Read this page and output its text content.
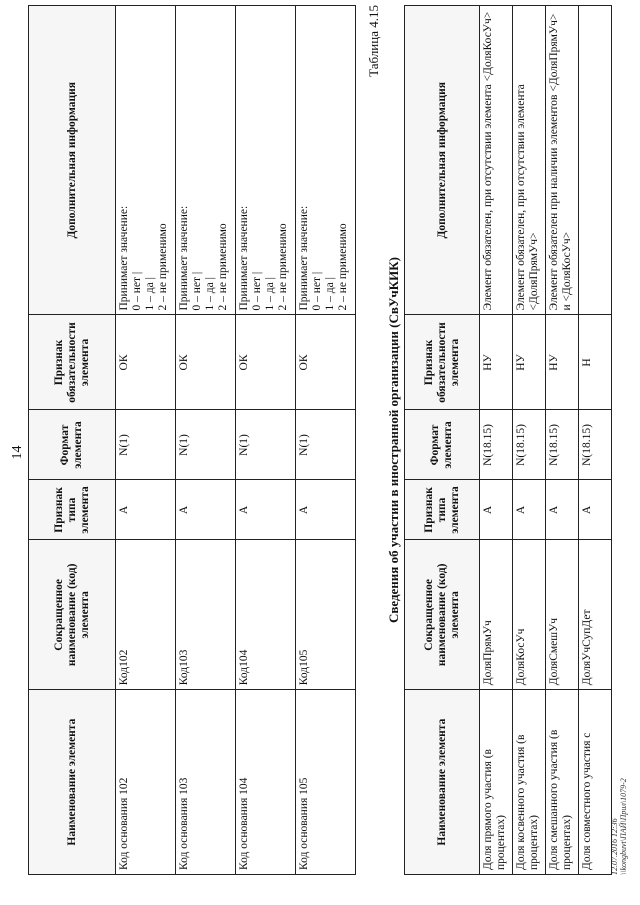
14
Наименование элемента	Сокращенное наименование (код) элемента	Признак типа элемента	Формат элемента	Признак обязательности элемента	Дополнительная информация
Код основания 102	Код102	А	N(1)	ОК	Принимает значение: 0 – нет | 1 – да | 2 – не применимо

Код основания 103	Код103	А	N(1)	ОК	Принимает значение: 0 – нет | 1 – да | 2 – не применимо

Код основания 104	Код104	А	N(1)	ОК	Принимает значение: 0 – нет | 1 – да | 2 – не применимо

Код основания 105	Код105	А	N(1)	ОК	Принимает значение: 0 – нет | 1 – да | 2 – не применимо
Таблица 4.15
Сведения об участии в иностранной организации (СвУчКИК)
Наименование элемента	Сокращенное наименование (код) элемента	Признак типа элемента	Формат элемента	Признак обязательности элемента	Дополнительная информация
Доля прямого участия (в процентах)	ДоляПрямУч	А	N(18.15)	НУ	Элемент обязателен, при отсутствии элемента <ДоляКосУч>
Доля косвенного участия (в процентах)	ДоляКосУч	А	N(18.15)	НУ	Элемент обязателен, при отсутствии элемента <ДоляПрямУч>
Доля смешанного участия (в процентах)	ДоляСмешУч	А	N(18.15)	НУ	Элемент обязателен при наличии элементов <ДоляПрямУч> и <ДоляКосУч>
Доля совместного участия с	ДоляУчСупДет	А	N(18.15)	Н	
12.07.2016 12:36 \\kongbuvt\ПАЙ\Прил\1079-2
